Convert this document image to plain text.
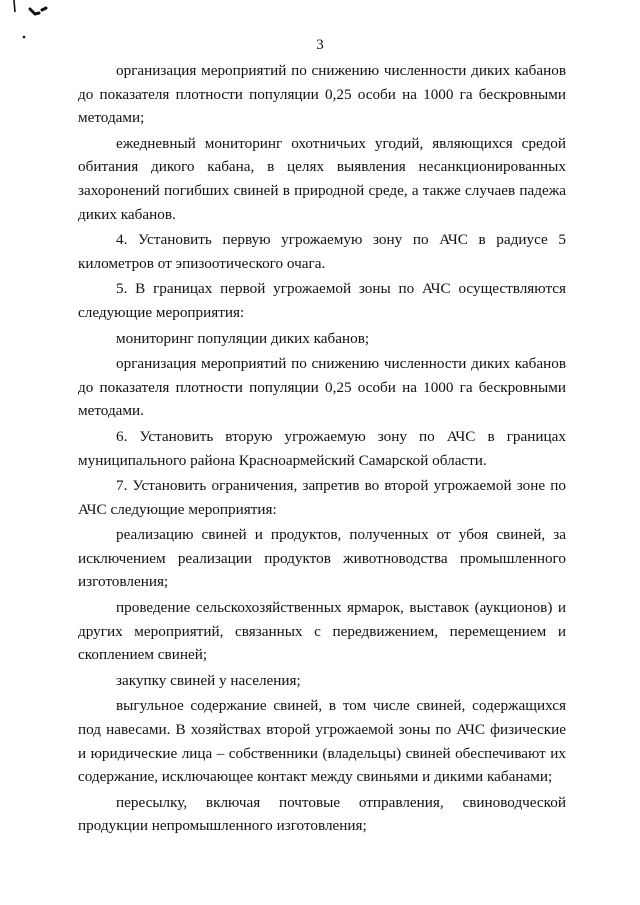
3

организация мероприятий по снижению численности диких кабанов до показателя плотности популяции 0,25 особи на 1000 га бескровными методами;

ежедневный мониторинг охотничьих угодий, являющихся средой обитания дикого кабана, в целях выявления несанкционированных захоронений погибших свиней в природной среде, а также случаев падежа диких кабанов.

4. Установить первую угрожаемую зону по АЧС в радиусе 5 километров от эпизоотического очага.

5. В границах первой угрожаемой зоны по АЧС осуществляются следующие мероприятия:

мониторинг популяции диких кабанов;

организация мероприятий по снижению численности диких кабанов до показателя плотности популяции 0,25 особи на 1000 га бескровными методами.

6. Установить вторую угрожаемую зону по АЧС в границах муниципального района Красноармейский Самарской области.

7. Установить ограничения, запретив во второй угрожаемой зоне по АЧС следующие мероприятия:

реализацию свиней и продуктов, полученных от убоя свиней, за исключением реализации продуктов животноводства промышленного изготовления;

проведение сельскохозяйственных ярмарок, выставок (аукционов) и других мероприятий, связанных с передвижением, перемещением и скоплением свиней;

закупку свиней у населения;

выгульное содержание свиней, в том числе свиней, содержащихся под навесами. В хозяйствах второй угрожаемой зоны по АЧС физические и юридические лица – собственники (владельцы) свиней обеспечивают их содержание, исключающее контакт между свиньями и дикими кабанами;

пересылку, включая почтовые отправления, свиноводческой продукции непромышленного изготовления;
